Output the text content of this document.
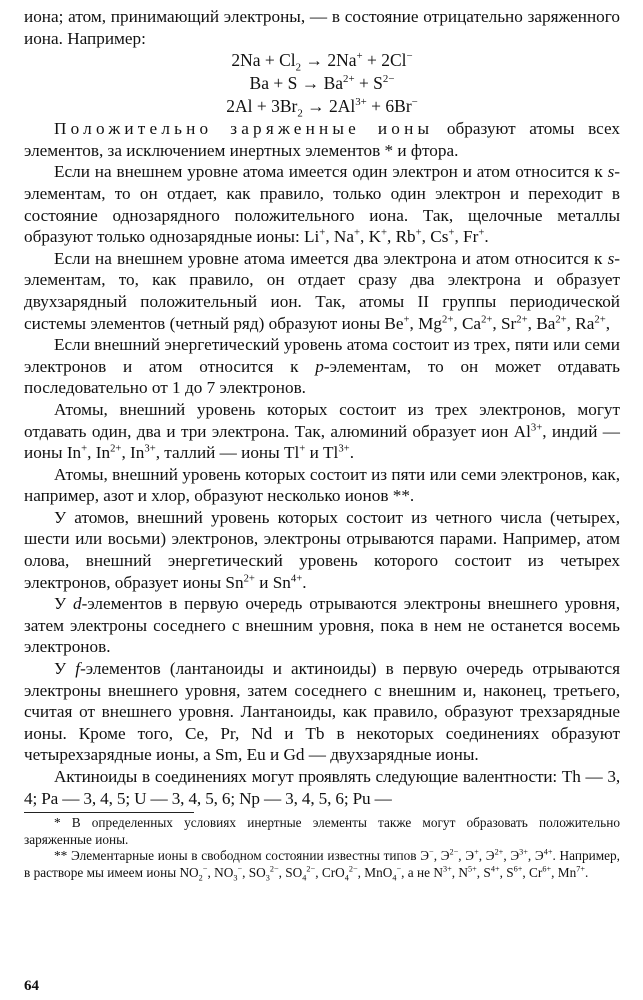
иона; атом, принимающий электроны, — в состояние отрицательно заряженного иона. Например:

$2Na + Cl_2 \to 2Na^+ + 2Cl^-$
$Ba + S \to Ba^{2+} + S^{2-}$
$2Al + 3Br_2 \to 2Al^{3+} + 6Br^-$

Положительно заряженные ионы образуют атомы всех элементов, за исключением инертных элементов * и фтора.

Если на внешнем уровне атома имеется один электрон и атом относится к s-элементам, то он отдает, как правило, только один электрон и переходит в состояние однозарядного положительного иона. Так, щелочные металлы образуют только однозарядные ионы: Li+, Na+, K+, Rb+, Cs+, Fr+.

Если на внешнем уровне атома имеется два электрона и атом относится к s-элементам, то, как правило, он отдает сразу два электрона и образует двухзарядный положительный ион. Так, атомы II группы периодической системы элементов (четный ряд) образуют ионы Be+, $Mg^{2+}$, $Ca^{2+}$, $Sr^{2+}$, $Ba^{2+}$, $Ra^{2+}$,

Если внешний энергетический уровень атома состоит из трех, пяти или семи электронов и атом относится к p-элементам, то он может отдавать последовательно от 1 до 7 электронов.

Атомы, внешний уровень которых состоит из трех электронов, могут отдавать один, два и три электрона. Так, алюминий образует ион $Al^{3+}$, индий — ионы In+, $In^{2+}$, $In^{3+}$, таллий — ионы Tl+ и $Tl^{3+}$.

Атомы, внешний уровень которых состоит из пяти или семи электронов, как, например, азот и хлор, образуют несколько ионов **.

У атомов, внешний уровень которых состоит из четного числа (четырех, шести или восьми) электронов, электроны отрываются парами. Например, атом олова, внешний энергетический уровень которого состоит из четырех электронов, образует ионы $Sn^{2+}$ и $Sn^{4+}$.

У d-элементов в первую очередь отрываются электроны внешнего уровня, затем электроны соседнего с внешним уровня, пока в нем не останется восемь электронов.

У f-элементов (лантаноиды и актиноиды) в первую очередь отрываются электроны внешнего уровня, затем соседнего с внешним и, наконец, третьего, считая от внешнего уровня. Лантаноиды, как правило, образуют трехзарядные ионы. Кроме того, Ce, Pr, Nd и Tb в некоторых соединениях образуют четырехзарядные ионы, а Sm, Eu и Gd — двухзарядные ионы.

Актиноиды в соединениях могут проявлять следующие валентности: Th — 3, 4; Pa — 3, 4, 5; U — 3, 4, 5, 6; Np — 3, 4, 5, 6; Pu —

* В определенных условиях инертные элементы также могут образовать положительно заряженные ионы.

** Элементарные ионы в свободном состоянии известны типов Э−, $Э^{2-}$, Э+, $Э^{2+}$, $Э^{3+}$, $Э^{4+}$. Например, в растворе мы имеем ионы $NO_2^-$, $NO_3^-$, $SO_3^{2-}$, $SO_4^{2-}$, CrO$_4^{2-}$, MnO$_4$−, а не $N^{3+}$, $N^{5+}$, $S^{4+}$, $S^{6+}$, $Cr^{6+}$, $Mn^{7+}$.

64
